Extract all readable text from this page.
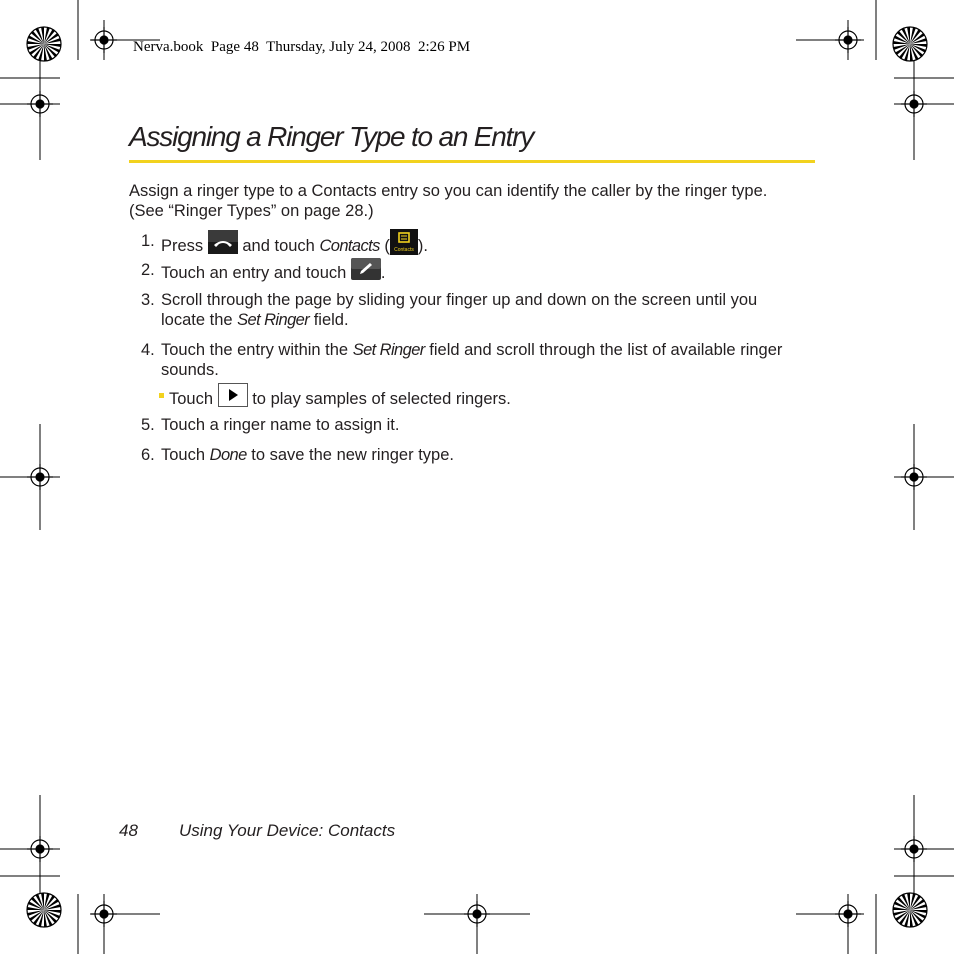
Nerva.book Page 48 Thursday, July 24, 2008 2:26 PM
Assigning a Ringer Type to an Entry
Assign a ringer type to a Contacts entry so you can identify the caller by the ringer type.
(See “Ringer Types” on page 28.)
1. Press and touch Contacts ( Contacts ).
2. Touch an entry and touch .
3. Scroll through the page by sliding your finger up and down on the screen until you
locate the Set Ringer field.
4. Touch the entry within the Set Ringer field and scroll through the list of available ringer
sounds.
Touch to play samples of selected ringers.
5. Touch a ringer name to assign it.
6. Touch Done to save the new ringer type.
48 Using Your Device: Contacts
